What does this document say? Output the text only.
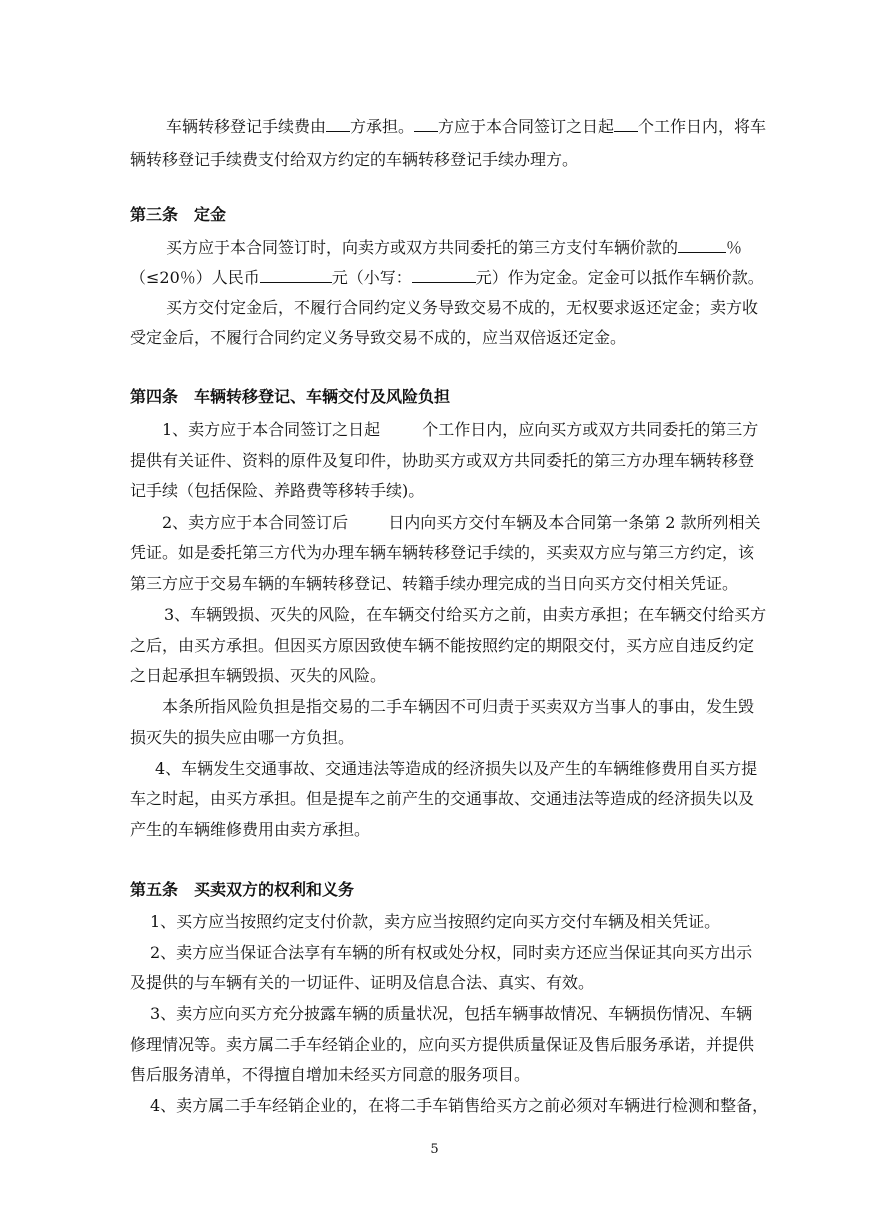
车辆转移登记手续费由 方承担。 方应于本合同签订之日起 个工作日内，将车
辆转移登记手续费支付给双方约定的车辆转移登记手续办理方。
第三条　定金
买方应于本合同签订时，向卖方或双方共同委托的第三方支付车辆价款的	％
（≤20％）人民币	元（小写：	元）作为定金。定金可以抵作车辆价款。
买方交付定金后，不履行合同约定义务导致交易不成的，无权要求返还定金；卖方收
受定金后，不履行合同约定义务导致交易不成的，应当双倍返还定金。
第四条　车辆转移登记、车辆交付及风险负担
1、卖方应于本合同签订之日起	个工作日内，应向买方或双方共同委托的第三方
提供有关证件、资料的原件及复印件，协助买方或双方共同委托的第三方办理车辆转移登
记手续（包括保险、养路费等移转手续)。
2、卖方应于本合同签订后	日内向买方交付车辆及本合同第一条第 2 款所列相关
凭证。如是委托第三方代为办理车辆车辆转移登记手续的，买卖双方应与第三方约定，该
第三方应于交易车辆的车辆转移登记、转籍手续办理完成的当日向买方交付相关凭证。
3、车辆毁损、灭失的风险，在车辆交付给买方之前，由卖方承担；在车辆交付给买方
之后，由买方承担。但因买方原因致使车辆不能按照约定的期限交付，买方应自违反约定
之日起承担车辆毁损、灭失的风险。
本条所指风险负担是指交易的二手车辆因不可归责于买卖双方当事人的事由，发生毁
损灭失的损失应由哪一方负担。
4、车辆发生交通事故、交通违法等造成的经济损失以及产生的车辆维修费用自买方提
车之时起，由买方承担。但是提车之前产生的交通事故、交通违法等造成的经济损失以及
产生的车辆维修费用由卖方承担。
第五条　买卖双方的权利和义务
1、买方应当按照约定支付价款，卖方应当按照约定向买方交付车辆及相关凭证。
2、卖方应当保证合法享有车辆的所有权或处分权，同时卖方还应当保证其向买方出示
及提供的与车辆有关的一切证件、证明及信息合法、真实、有效。
3、卖方应向买方充分披露车辆的质量状况，包括车辆事故情况、车辆损伤情况、车辆
修理情况等。卖方属二手车经销企业的，应向买方提供质量保证及售后服务承诺，并提供
售后服务清单，不得擅自增加未经买方同意的服务项目。
4、卖方属二手车经销企业的，在将二手车销售给买方之前必须对车辆进行检测和整备，
5
